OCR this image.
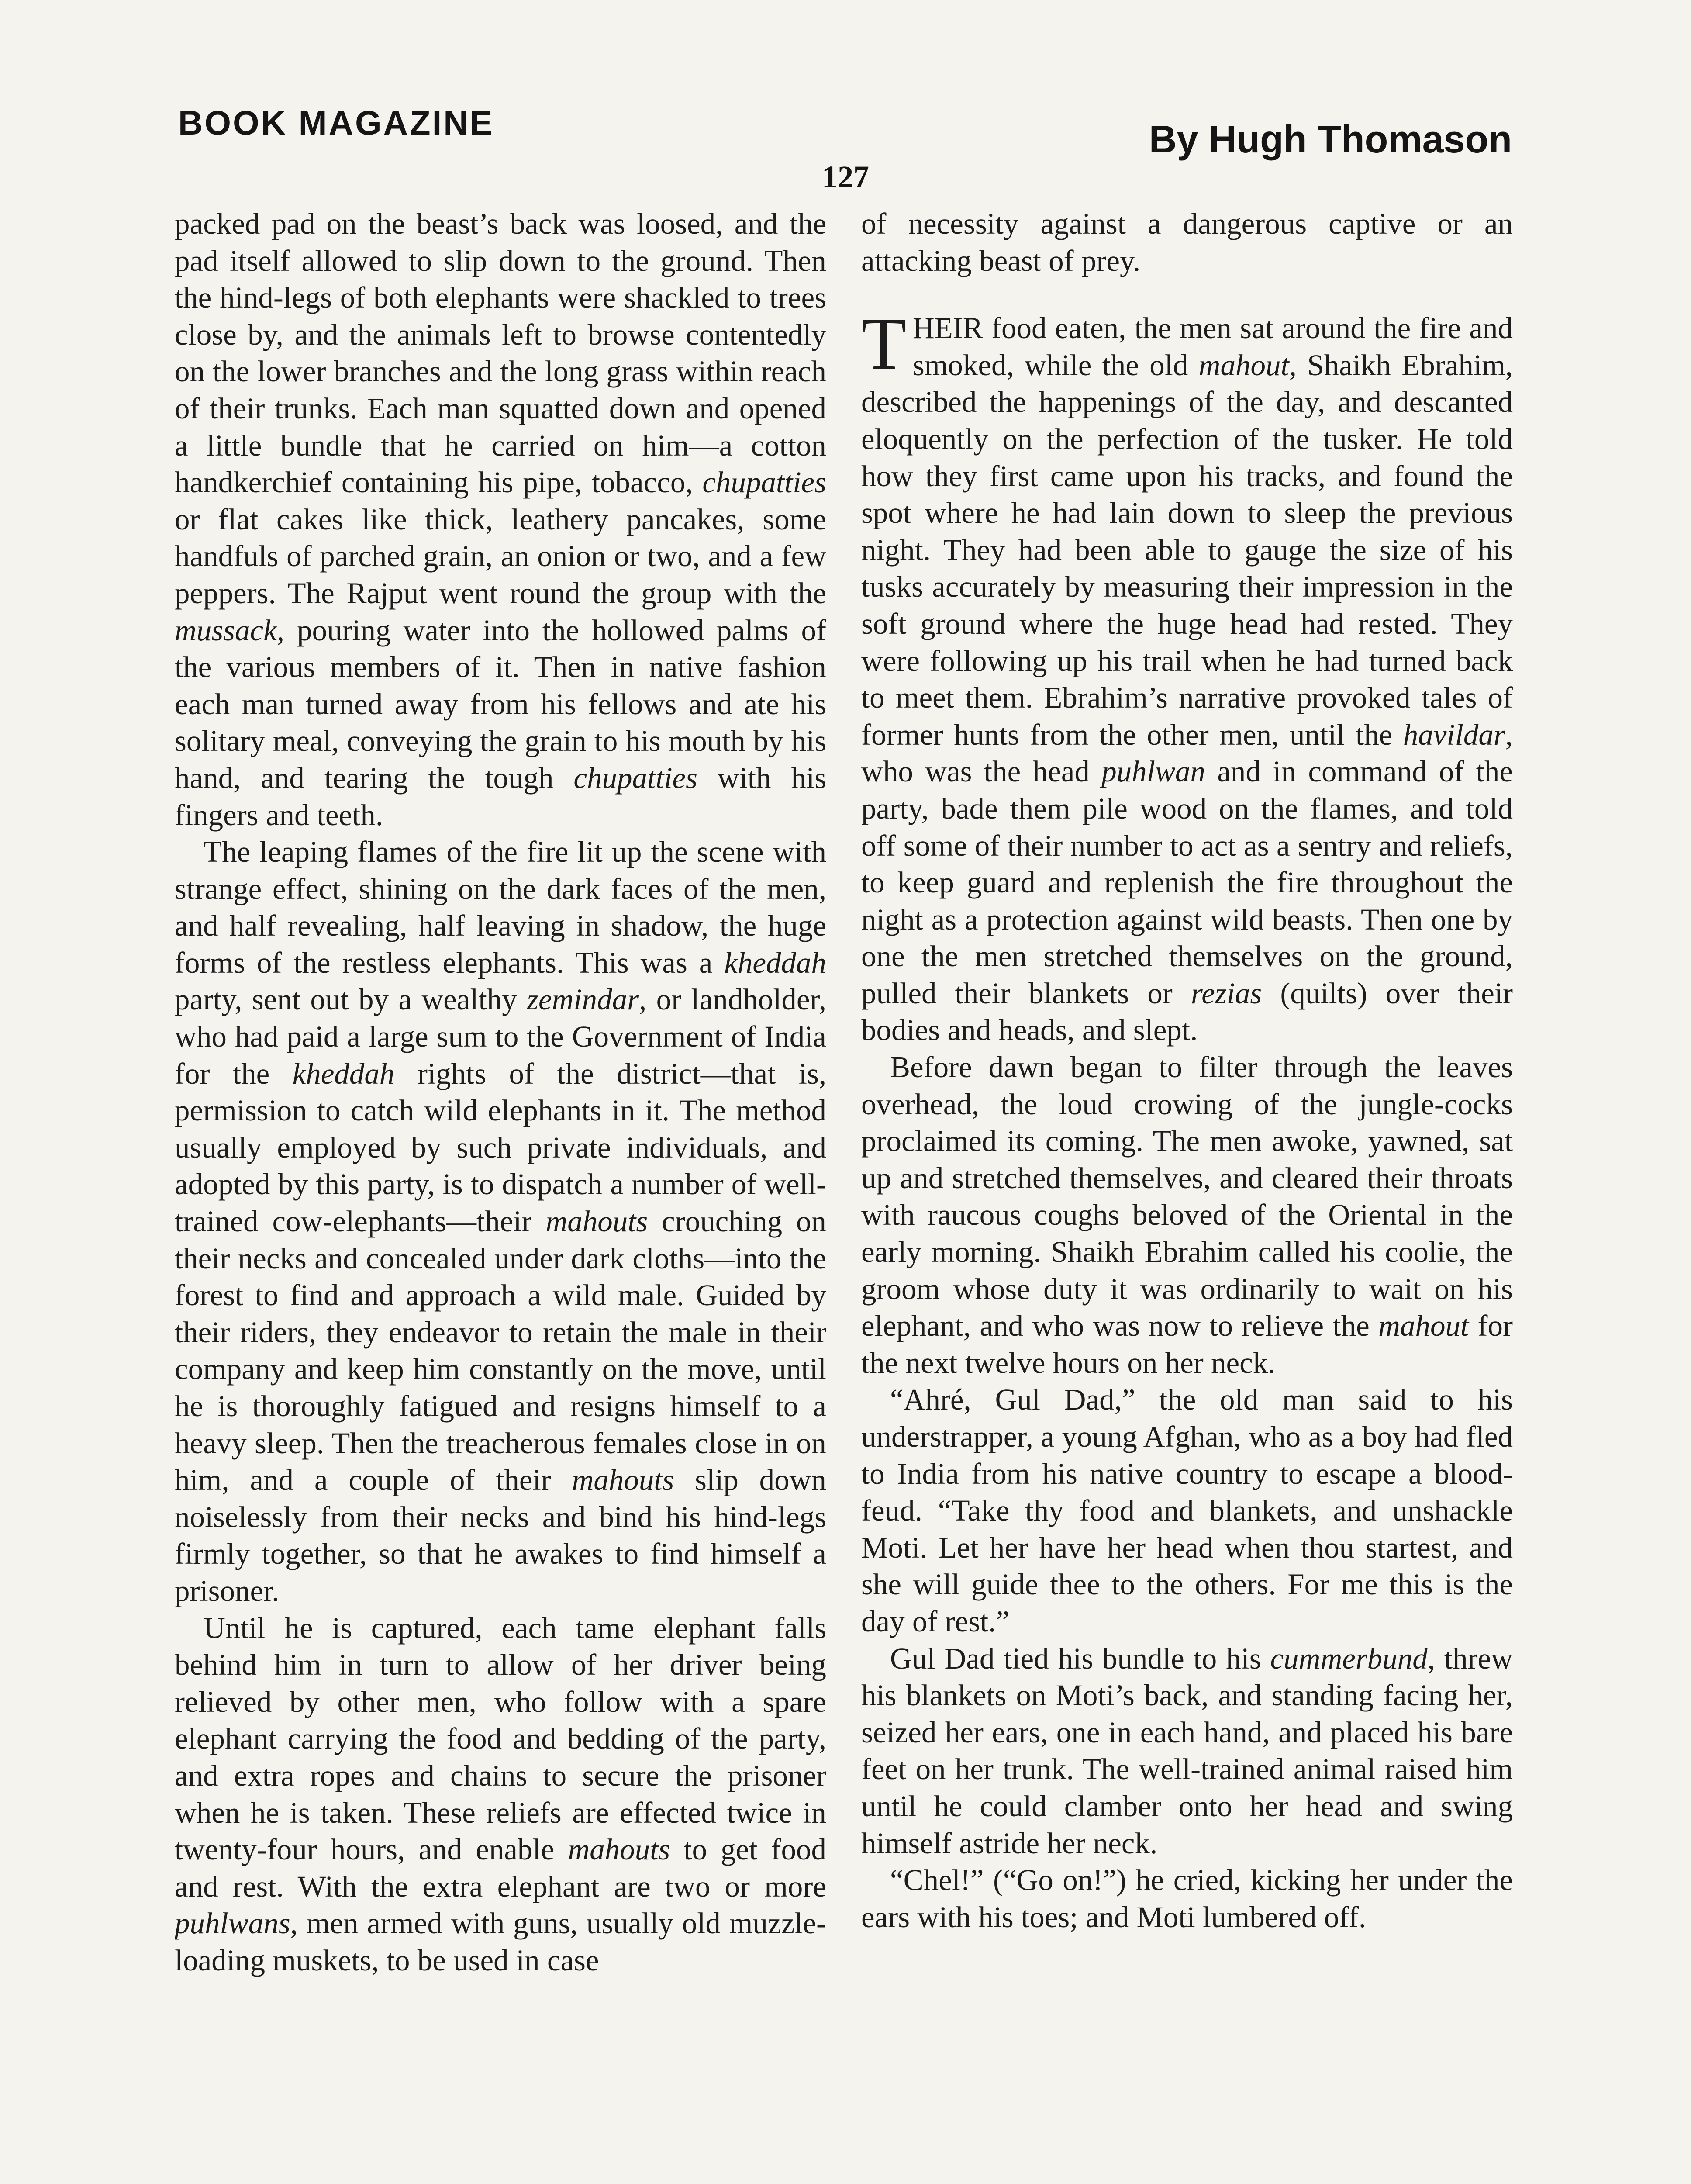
BOOK MAGAZINE	By Hugh Thomason
127

packed pad on the beast’s back was loosed, and the pad itself allowed to slip down to the ground. Then the hind-legs of both elephants were shackled to trees close by, and the animals left to browse contentedly on the lower branches and the long grass within reach of their trunks. Each man squatted down and opened a little bundle that he carried on him—a cotton handkerchief containing his pipe, tobacco, chupatties or flat cakes like thick, leathery pancakes, some handfuls of parched grain, an onion or two, and a few peppers. The Rajput went round the group with the mussack, pouring water into the hollowed palms of the various members of it. Then in native fashion each man turned away from his fellows and ate his solitary meal, conveying the grain to his mouth by his hand, and tearing the tough chupatties with his fingers and teeth.

The leaping flames of the fire lit up the scene with strange effect, shining on the dark faces of the men, and half revealing, half leaving in shadow, the huge forms of the restless elephants. This was a kheddah party, sent out by a wealthy zemindar, or landholder, who had paid a large sum to the Government of India for the kheddah rights of the district—that is, permission to catch wild elephants in it. The method usually employed by such private individuals, and adopted by this party, is to dispatch a number of well-trained cow-elephants—their mahouts crouching on their necks and concealed under dark cloths—into the forest to find and approach a wild male. Guided by their riders, they endeavor to retain the male in their company and keep him constantly on the move, until he is thoroughly fatigued and resigns himself to a heavy sleep. Then the treacherous females close in on him, and a couple of their mahouts slip down noiselessly from their necks and bind his hind-legs firmly together, so that he awakes to find himself a prisoner.

Until he is captured, each tame elephant falls behind him in turn to allow of her driver being relieved by other men, who follow with a spare elephant carrying the food and bedding of the party, and extra ropes and chains to secure the prisoner when he is taken. These reliefs are effected twice in twenty-four hours, and enable mahouts to get food and rest. With the extra elephant are two or more puhlwans, men armed with guns, usually old muzzle-loading muskets, to be used in case

of necessity against a dangerous captive or an attacking beast of prey.

THEIR food eaten, the men sat around the fire and smoked, while the old mahout, Shaikh Ebrahim, described the happenings of the day, and descanted eloquently on the perfection of the tusker. He told how they first came upon his tracks, and found the spot where he had lain down to sleep the previous night. They had been able to gauge the size of his tusks accurately by measuring their impression in the soft ground where the huge head had rested. They were following up his trail when he had turned back to meet them. Ebrahim’s narrative provoked tales of former hunts from the other men, until the havildar, who was the head puhlwan and in command of the party, bade them pile wood on the flames, and told off some of their number to act as a sentry and reliefs, to keep guard and replenish the fire throughout the night as a protection against wild beasts. Then one by one the men stretched themselves on the ground, pulled their blankets or rezias (quilts) over their bodies and heads, and slept.

Before dawn began to filter through the leaves overhead, the loud crowing of the jungle-cocks proclaimed its coming. The men awoke, yawned, sat up and stretched themselves, and cleared their throats with raucous coughs beloved of the Oriental in the early morning. Shaikh Ebrahim called his coolie, the groom whose duty it was ordinarily to wait on his elephant, and who was now to relieve the mahout for the next twelve hours on her neck.

“Ahré, Gul Dad,” the old man said to his understrapper, a young Afghan, who as a boy had fled to India from his native country to escape a blood-feud. “Take thy food and blankets, and unshackle Moti. Let her have her head when thou startest, and she will guide thee to the others. For me this is the day of rest.”

Gul Dad tied his bundle to his cummerbund, threw his blankets on Moti’s back, and standing facing her, seized her ears, one in each hand, and placed his bare feet on her trunk. The well-trained animal raised him until he could clamber onto her head and swing himself astride her neck.

“Chel!” (“Go on!”) he cried, kicking her under the ears with his toes; and Moti lumbered off.
